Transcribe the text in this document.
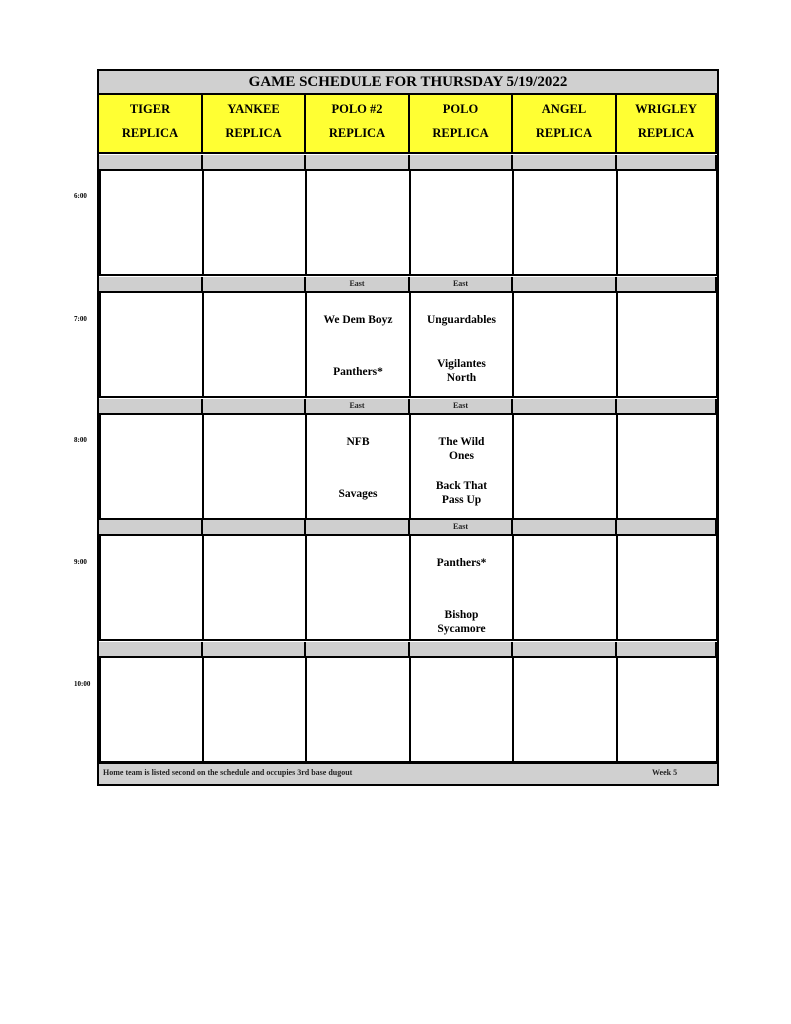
GAME SCHEDULE FOR THURSDAY 5/19/2022
TIGER
REPLICA
YANKEE
REPLICA
POLO #2
REPLICA
POLO
REPLICA
ANGEL
REPLICA
WRIGLEY
REPLICA
East
We Dem Boyz
Panthers*
East
Unguardables
Vigilantes North
East
NFB
Savages
East
The Wild Ones
Back That Pass Up
East
Panthers*
Bishop Sycamore
Home team is listed second on the schedule and occupies 3rd base dugout	Week 5
6:00
7:00
8:00
9:00
10:00
